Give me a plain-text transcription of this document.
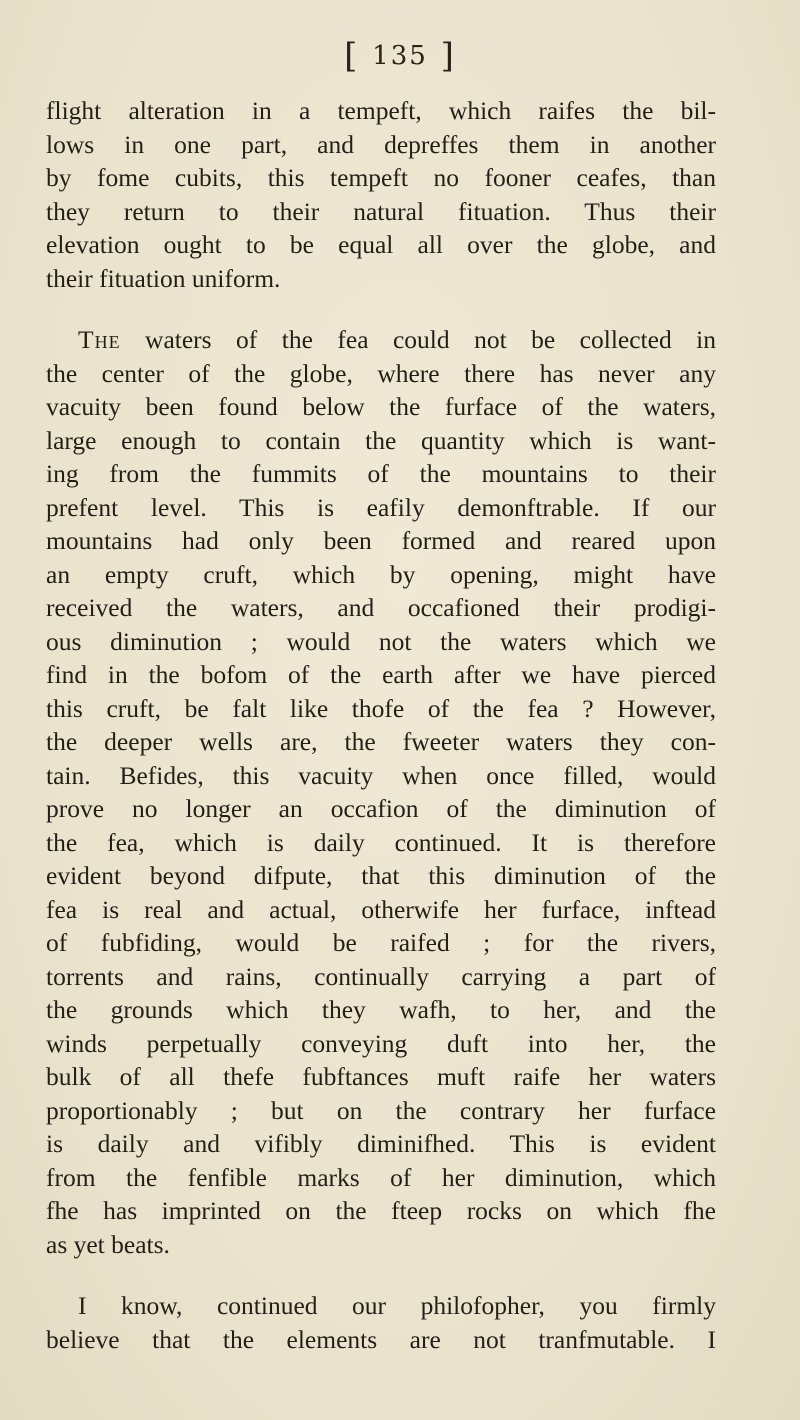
[ 135 ]

flight alteration in a tempeft, which raifes the bil-
lows in one part, and depreffes them in another
by fome cubits, this tempeft no fooner ceafes, than
they return to their natural fituation. Thus their
elevation ought to be equal all over the globe, and
their fituation uniform.

The waters of the fea could not be collected in
the center of the globe, where there has never any
vacuity been found below the furface of the waters,
large enough to contain the quantity which is want-
ing from the fummits of the mountains to their
prefent level. This is eafily demonftrable. If our
mountains had only been formed and reared upon
an empty cruft, which by opening, might have
received the waters, and occafioned their prodigi-
ous diminution ; would not the waters which we
find in the bofom of the earth after we have pierced
this cruft, be falt like thofe of the fea ? However,
the deeper wells are, the fweeter waters they con-
tain. Befides, this vacuity when once filled, would
prove no longer an occafion of the diminution of
the fea, which is daily continued. It is therefore
evident beyond difpute, that this diminution of the
fea is real and actual, otherwife her furface, inftead
of fubfiding, would be raifed ; for the rivers,
torrents and rains, continually carrying a part of
the grounds which they wafh, to her, and the
winds perpetually conveying duft into her, the
bulk of all thefe fubftances muft raife her waters
proportionably ; but on the contrary her furface
is daily and vifibly diminifhed. This is evident
from the fenfible marks of her diminution, which
fhe has imprinted on the fteep rocks on which fhe
as yet beats.

I know, continued our philofopher, you firmly
believe that the elements are not tranfmutable. I
